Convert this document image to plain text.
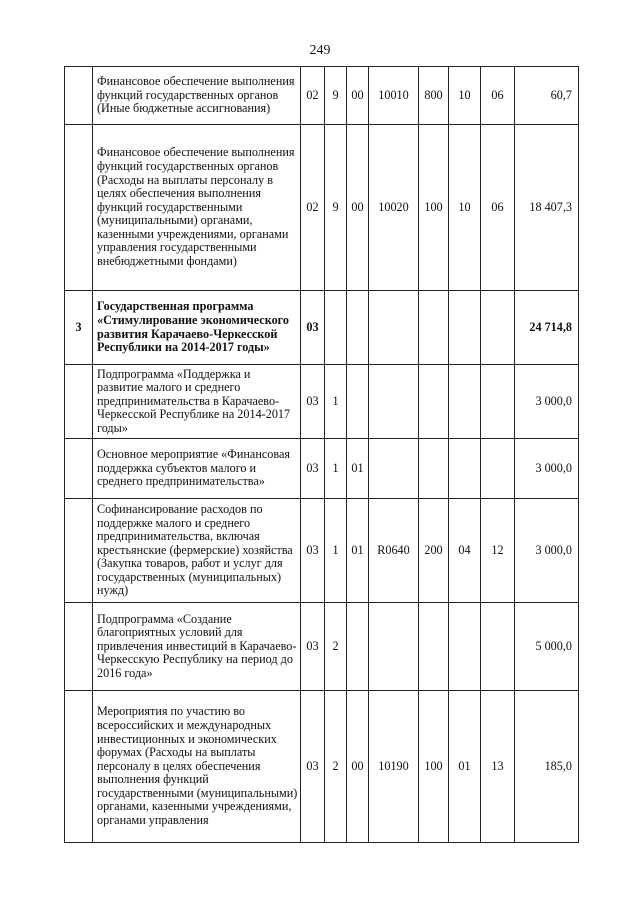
249
	Финансовое обеспечение выполнения функций государственных органов (Иные бюджетные ассигнования)	02	9	00	10010	800	10	06	60,7
	Финансовое обеспечение выполнения функций государственных органов (Расходы на выплаты персоналу в целях обеспечения выполнения функций государственными (муниципальными) органами, казенными учреждениями, органами управления государственными внебюджетными фондами)	02	9	00	10020	100	10	06	18 407,3
3	Государственная программа «Стимулирование экономического развития Карачаево-Черкесской Республики на 2014-2017 годы»	03							24 714,8
	Подпрограмма «Поддержка и развитие малого и среднего предпринимательства в Карачаево-Черкесской Республике на 2014-2017 годы»	03	1						3 000,0
	Основное мероприятие «Финансовая поддержка субъектов малого и среднего предпринимательства»	03	1	01					3 000,0
	Софинансирование расходов по поддержке малого и среднего предпринимательства, включая крестьянские (фермерские) хозяйства (Закупка товаров, работ и услуг для государственных (муниципальных) нужд)	03	1	01	R0640	200	04	12	3 000,0
	Подпрограмма «Создание благоприятных условий для привлечения инвестиций в Карачаево-Черкесскую Республику на период до 2016 года»	03	2						5 000,0
	Мероприятия по участию во всероссийских и международных инвестиционных и экономических форумах (Расходы на выплаты персоналу в целях обеспечения выполнения функций государственными (муниципальными) органами, казенными учреждениями, органами управления	03	2	00	10190	100	01	13	185,0
